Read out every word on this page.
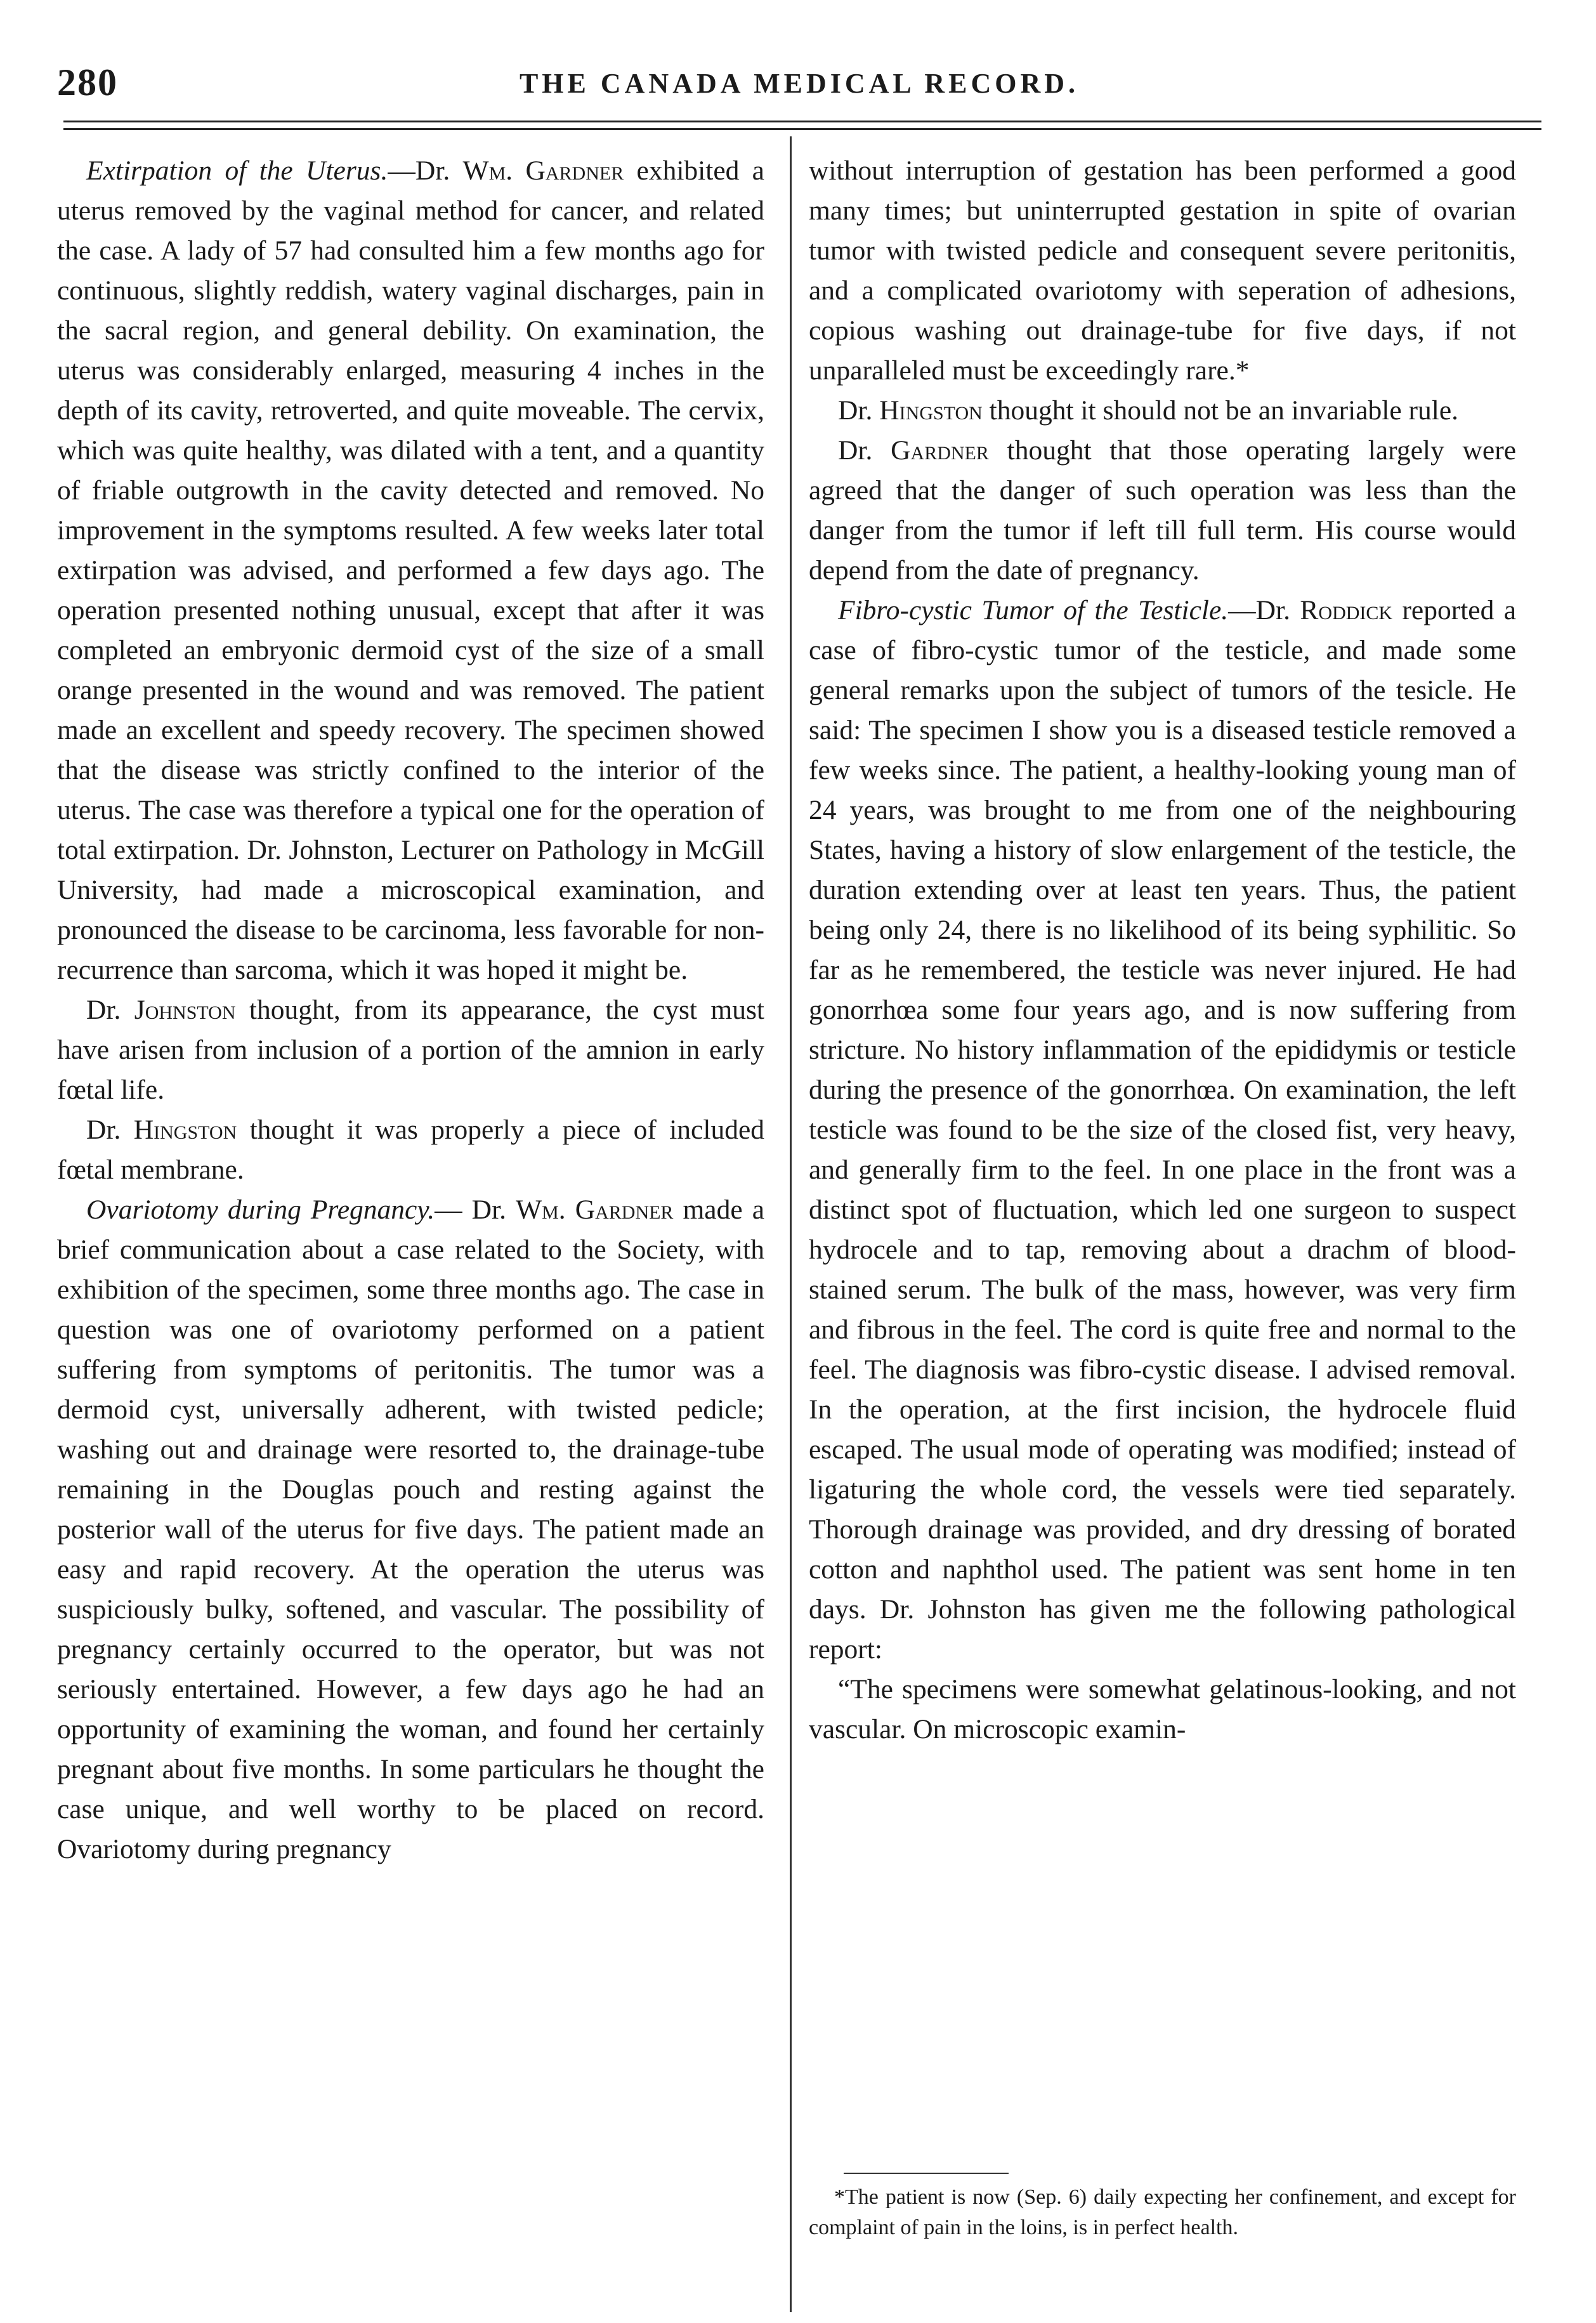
280	THE CANADA MEDICAL RECORD.

Extirpation of the Uterus.—Dr. Wm. Gardner exhibited a uterus removed by the vaginal method for cancer, and related the case. A lady of 57 had consulted him a few months ago for continuous, slightly reddish, watery vaginal discharges, pain in the sacral region, and general debility. On examination, the uterus was considerably enlarged, measuring 4 inches in the depth of its cavity, retroverted, and quite moveable. The cervix, which was quite healthy, was dilated with a tent, and a quantity of friable outgrowth in the cavity detected and removed. No improvement in the symptoms resulted. A few weeks later total extirpation was advised, and performed a few days ago. The operation presented nothing unusual, except that after it was completed an embryonic dermoid cyst of the size of a small orange presented in the wound and was removed. The patient made an excellent and speedy recovery. The specimen showed that the disease was strictly confined to the interior of the uterus. The case was therefore a typical one for the operation of total extirpation. Dr. Johnston, Lecturer on Pathology in McGill University, had made a microscopical examination, and pronounced the disease to be carcinoma, less favorable for non-recurrence than sarcoma, which it was hoped it might be.

Dr. Johnston thought, from its appearance, the cyst must have arisen from inclusion of a portion of the amnion in early fœtal life.

Dr. Hingston thought it was properly a piece of included fœtal membrane.

Ovariotomy during Pregnancy.— Dr. Wm. Gardner made a brief communication about a case related to the Society, with exhibition of the specimen, some three months ago. The case in question was one of ovariotomy performed on a patient suffering from symptoms of peritonitis. The tumor was a dermoid cyst, universally adherent, with twisted pedicle; washing out and drainage were resorted to, the drainage-tube remaining in the Douglas pouch and resting against the posterior wall of the uterus for five days. The patient made an easy and rapid recovery. At the operation the uterus was suspiciously bulky, softened, and vascular. The possibility of pregnancy certainly occurred to the operator, but was not seriously entertained. However, a few days ago he had an opportunity of examining the woman, and found her certainly pregnant about five months. In some particulars he thought the case unique, and well worthy to be placed on record. Ovariotomy during pregnancy

without interruption of gestation has been performed a good many times; but uninterrupted gestation in spite of ovarian tumor with twisted pedicle and consequent severe peritonitis, and a complicated ovariotomy with seperation of adhesions, copious washing out drainage-tube for five days, if not unparalleled must be exceedingly rare.*

Dr. Hingston thought it should not be an invariable rule.

Dr. Gardner thought that those operating largely were agreed that the danger of such operation was less than the danger from the tumor if left till full term. His course would depend from the date of pregnancy.

Fibro-cystic Tumor of the Testicle.—Dr. Roddick reported a case of fibro-cystic tumor of the testicle, and made some general remarks upon the subject of tumors of the tesicle. He said: The specimen I show you is a diseased testicle removed a few weeks since. The patient, a healthy-looking young man of 24 years, was brought to me from one of the neighbouring States, having a history of slow enlargement of the testicle, the duration extending over at least ten years. Thus, the patient being only 24, there is no likelihood of its being syphilitic. So far as he remembered, the testicle was never injured. He had gonorrhœa some four years ago, and is now suffering from stricture. No history inflammation of the epididymis or testicle during the presence of the gonorrhœa. On examination, the left testicle was found to be the size of the closed fist, very heavy, and generally firm to the feel. In one place in the front was a distinct spot of fluctuation, which led one surgeon to suspect hydrocele and to tap, removing about a drachm of blood-stained serum. The bulk of the mass, however, was very firm and fibrous in the feel. The cord is quite free and normal to the feel. The diagnosis was fibro-cystic disease. I advised removal. In the operation, at the first incision, the hydrocele fluid escaped. The usual mode of operating was modified; instead of ligaturing the whole cord, the vessels were tied separately. Thorough drainage was provided, and dry dressing of borated cotton and naphthol used. The patient was sent home in ten days. Dr. Johnston has given me the following pathological report:

“The specimens were somewhat gelatinous-looking, and not vascular. On microscopic examin-

*The patient is now (Sep. 6) daily expecting her confinement, and except for complaint of pain in the loins, is in perfect health.
